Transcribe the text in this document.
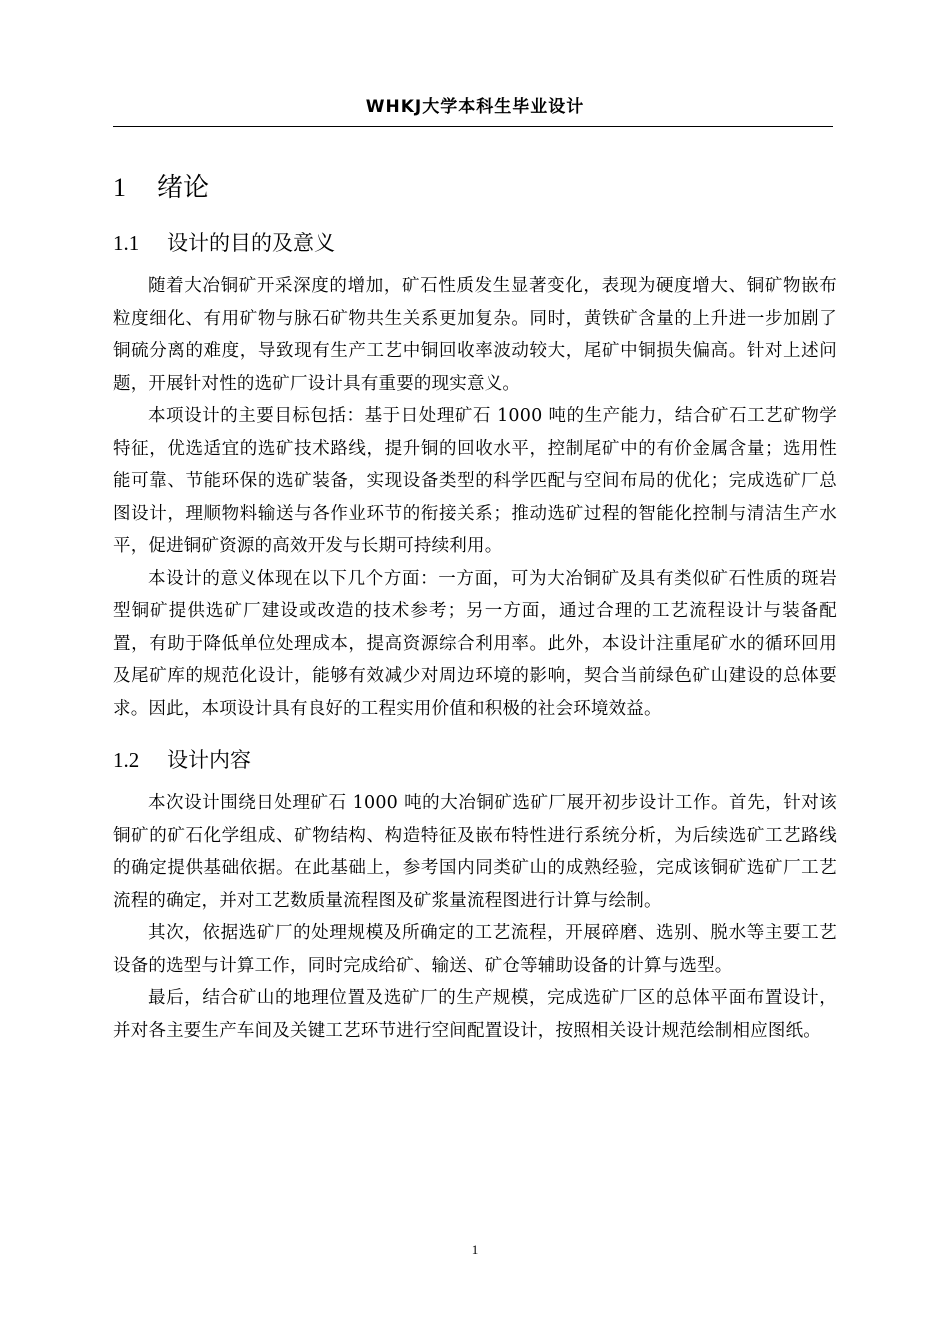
WHKJ大学本科生毕业设计
1 绪论
1.1 设计的目的及意义

随着大冶铜矿开采深度的增加，矿石性质发生显著变化，表现为硬度增大、铜矿物嵌布粒度细化、有用矿物与脉石矿物共生关系更加复杂。同时，黄铁矿含量的上升进一步加剧了铜硫分离的难度，导致现有生产工艺中铜回收率波动较大，尾矿中铜损失偏高。针对上述问题，开展针对性的选矿厂设计具有重要的现实意义。

本项设计的主要目标包括：基于日处理矿石 1000 吨的生产能力，结合矿石工艺矿物学特征，优选适宜的选矿技术路线，提升铜的回收水平，控制尾矿中的有价金属含量；选用性能可靠、节能环保的选矿装备，实现设备类型的科学匹配与空间布局的优化；完成选矿厂总图设计，理顺物料输送与各作业环节的衔接关系；推动选矿过程的智能化控制与清洁生产水平，促进铜矿资源的高效开发与长期可持续利用。

本设计的意义体现在以下几个方面：一方面，可为大冶铜矿及具有类似矿石性质的斑岩型铜矿提供选矿厂建设或改造的技术参考；另一方面，通过合理的工艺流程设计与装备配置，有助于降低单位处理成本，提高资源综合利用率。此外，本设计注重尾矿水的循环回用及尾矿库的规范化设计，能够有效减少对周边环境的影响，契合当前绿色矿山建设的总体要求。因此，本项设计具有良好的工程实用价值和积极的社会环境效益。

1.2 设计内容

本次设计围绕日处理矿石 1000 吨的大冶铜矿选矿厂展开初步设计工作。首先，针对该铜矿的矿石化学组成、矿物结构、构造特征及嵌布特性进行系统分析，为后续选矿工艺路线的确定提供基础依据。在此基础上，参考国内同类矿山的成熟经验，完成该铜矿选矿厂工艺流程的确定，并对工艺数质量流程图及矿浆量流程图进行计算与绘制。

其次，依据选矿厂的处理规模及所确定的工艺流程，开展碎磨、选别、脱水等主要工艺设备的选型与计算工作，同时完成给矿、输送、矿仓等辅助设备的计算与选型。

最后，结合矿山的地理位置及选矿厂的生产规模，完成选矿厂区的总体平面布置设计，并对各主要生产车间及关键工艺环节进行空间配置设计，按照相关设计规范绘制相应图纸。

1
